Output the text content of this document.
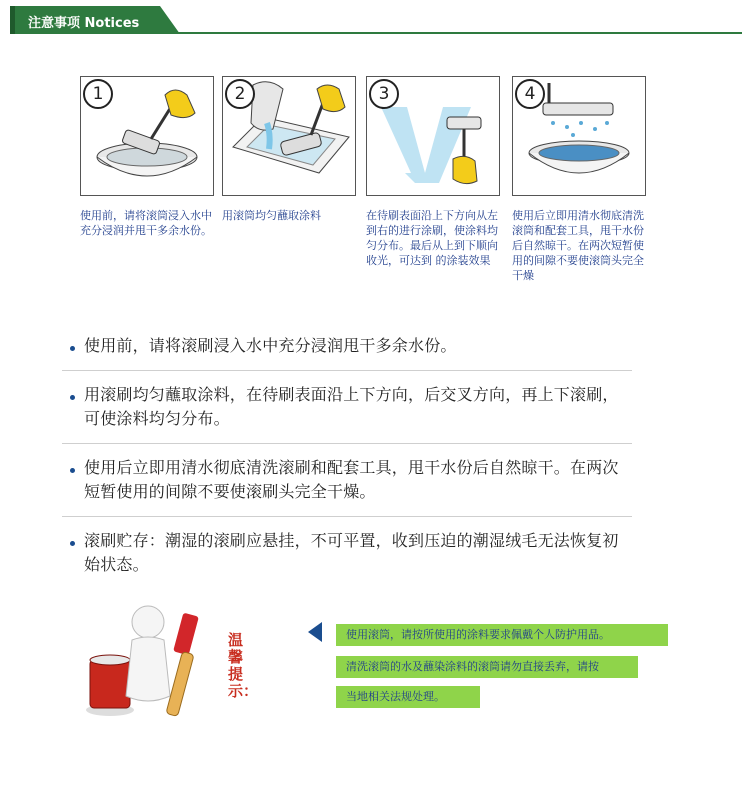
注意事项 Notices
1
使用前，请将滚筒浸入水中充分浸润并甩干多余水份。
2
用滚筒均匀蘸取涂料
3
在待刷表面沿上下方向从左到右的进行涂刷，使涂料均匀分布。最后从上到下顺向收光，可达到 的涂装效果
4
使用后立即用清水彻底清洗滚筒和配套工具，甩干水份后自然晾干。在两次短暂使用的间隙不要使滚筒头完全干燥
使用前，请将滚刷浸入水中充分浸润甩干多余水份。
用滚刷均匀蘸取涂料，在待刷表面沿上下方向，后交叉方向，再上下滚刷，可使涂料均匀分布。
使用后立即用清水彻底清洗滚刷和配套工具，甩干水份后自然晾干。在两次短暂使用的间隙不要使滚刷头完全干燥。
滚刷贮存：潮湿的滚刷应悬挂，不可平置，收到压迫的潮湿绒毛无法恢复初始状态。
温馨提示：
使用滚筒，请按所使用的涂料要求佩戴个人防护用品。
清洗滚筒的水及蘸染涂料的滚筒请勿直接丢弃，请按
当地相关法规处理。
